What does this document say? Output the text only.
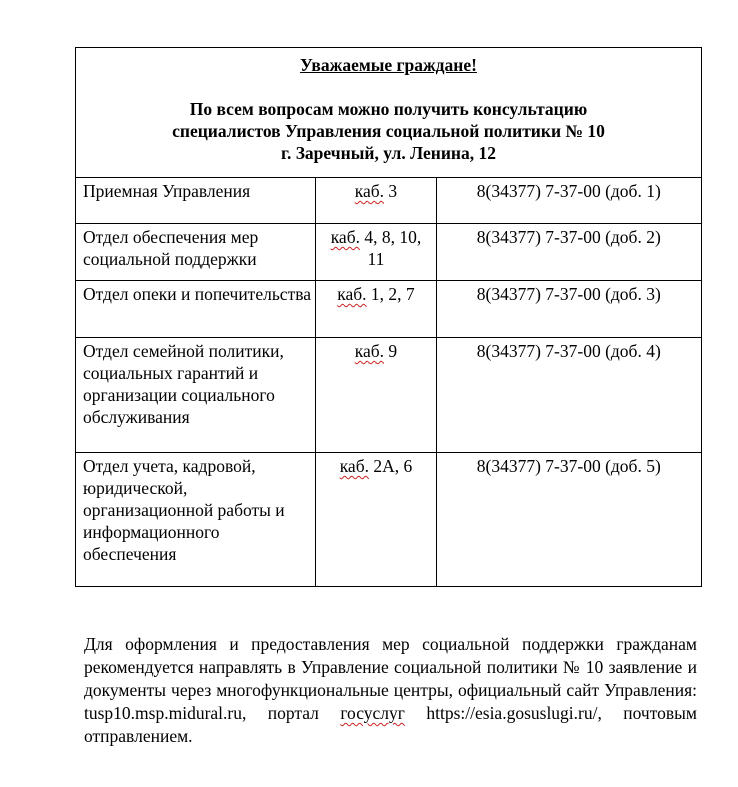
Уважаемые граждане!
По всем вопросам можно получить консультацию
специалистов Управления социальной политики № 10
г. Заречный, ул. Ленина, 12		

Приемная Управления	каб. 3	8(34377) 7-37-00 (доб. 1)
Отдел обеспечения мер социальной поддержки	каб. 4, 8, 10, 11	8(34377) 7-37-00 (доб. 2)
Отдел опеки и попечительства	каб. 1, 2, 7	8(34377) 7-37-00 (доб. 3)
Отдел семейной политики, социальных гарантий и организации социального обслуживания	каб. 9	8(34377) 7-37-00 (доб. 4)
Отдел учета, кадровой, юридической, организационной работы и информационного обеспечения	каб. 2А, 6	8(34377) 7-37-00 (доб. 5)

Для оформления и предоставления мер социальной поддержки гражданам рекомендуется направлять в Управление социальной политики № 10 заявление и документы через многофункциональные центры, официальный сайт Управления: tusp10.msp.midural.ru, портал госуслуг https://esia.gosuslugi.ru/, почтовым отправлением.
